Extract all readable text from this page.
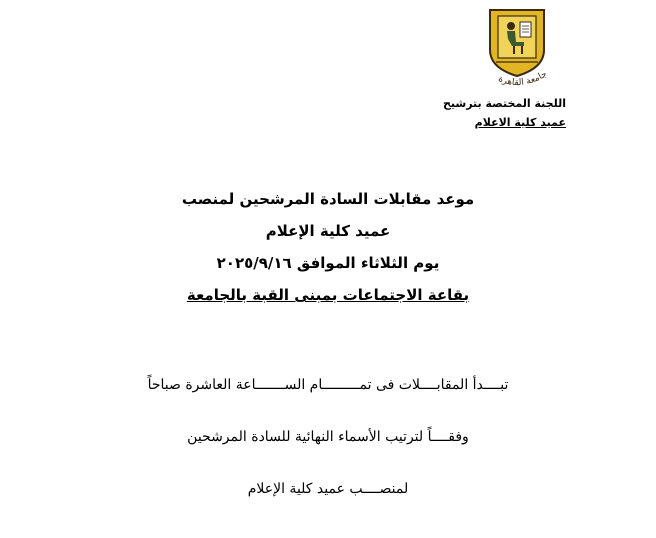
جامعة القاهرة
اللجنة المختصة بترشيح
عميد كلية الاعلام
موعد مقابلات السادة المرشحين لمنصب
عميد كلية الإعلام
يوم الثلاثاء الموافق ٢٠٢٥/٩/١٦
بقاعة الاجتماعات بمبنى القبة بالجامعة
تبــــدأ المقابــــلات فى تمـــــــــام الســـــــاعة العاشرة صباحاً
وفقــــاً لترتيب الأسماء النهائية للسادة المرشحين
لمنصــــب عميد كلية الإعلام
